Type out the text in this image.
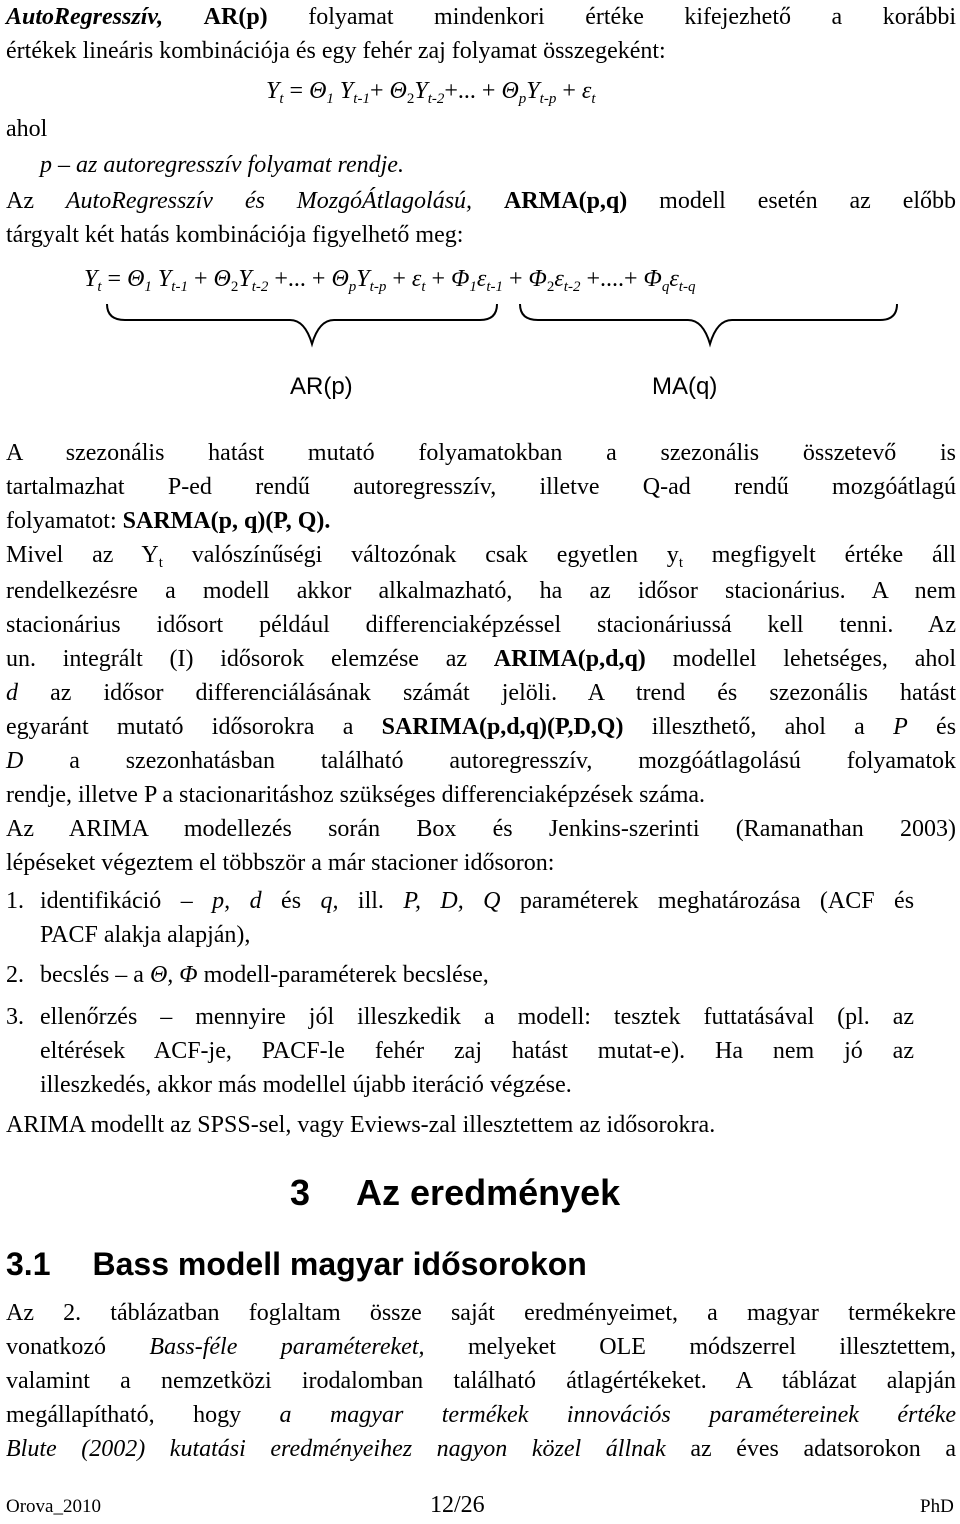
AutoRegresszív, AR(p) folyamat mindenkori értéke kifejezhető a korábbi
értékek lineáris kombinációja és egy fehér zaj folyamat összegeként:
$Y_t = \Theta_1$ $Y_{t-1}+ \Theta_2Y_{t-2}+$... + $\Theta_pY_{t-p} + \varepsilon_t$
ahol
p – az autoregresszív folyamat rendje.
Az AutoRegresszív és MozgóÁtlagolású, ARMA(p,q) modell esetén az előbb
tárgyalt két hatás kombinációja figyelhető meg:
$Y_t = \Theta_1$ $Y_{t-1} + \Theta_2Y_{t-2}$ +... + $\Theta_pY_{t-p} + \varepsilon_t + \Phi_1\varepsilon_{t-1} + \Phi_2\varepsilon_{t-2}$ +....+ $\Phi_q\varepsilon_{t-q}$
AR(p)	MA(q)
A szezonális hatást mutató folyamatokban a szezonális összetevő is
tartalmazhat P-ed rendű autoregresszív, illetve Q-ad rendű mozgóátlagú
folyamatot: SARMA(p, q)(P, Q).
Mivel az $Y_t$ valószínűségi változónak csak egyetlen $y_t$ megfigyelt értéke áll
rendelkezésre a modell akkor alkalmazható, ha az idősor stacionárius. A nem
stacionárius idősort például differenciaképzéssel stacionáriussá kell tenni. Az
un. integrált (I) idősorok elemzése az ARIMA(p,d,q) modellel lehetséges, ahol
d az idősor differenciálásának számát jelöli. A trend és szezonális hatást
egyaránt mutató idősorokra a SARIMA(p,d,q)(P,D,Q) illeszthető, ahol a P és
D a szezonhatásban található autoregresszív, mozgóátlagolású folyamatok
rendje, illetve P a stacionaritáshoz szükséges differenciaképzések száma.
Az ARIMA modellezés során Box és Jenkins-szerinti (Ramanathan 2003)
lépéseket végeztem el többször a már stacioner idősoron:
1. identifikáció – p, d és q, ill. P, D, Q paraméterek meghatározása (ACF és
PACF alakja alapján),
2. becslés – a Θ, Φ modell-paraméterek becslése,
3. ellenőrzés – mennyire jól illeszkedik a modell: tesztek futtatásával (pl. az
eltérések ACF-je, PACF-le fehér zaj hatást mutat-e). Ha nem jó az
illeszkedés, akkor más modellel újabb iteráció végzése.
ARIMA modellt az SPSS-sel, vagy Eviews-zal illesztettem az idősorokra.
3 Az eredmények
3.1 Bass modell magyar idősorokon
Az 2. táblázatban foglaltam össze saját eredményeimet, a magyar termékekre
vonatkozó Bass-féle paramétereket, melyeket OLE módszerrel illesztettem,
valamint a nemzetközi irodalomban található átlagértékeket. A táblázat alapján
megállapítható, hogy a magyar termékek innovációs paramétereinek értéke
Blute (2002) kutatási eredményeihez nagyon közel állnak az éves adatsorokon a
Orova_2010	12/26	PhD
